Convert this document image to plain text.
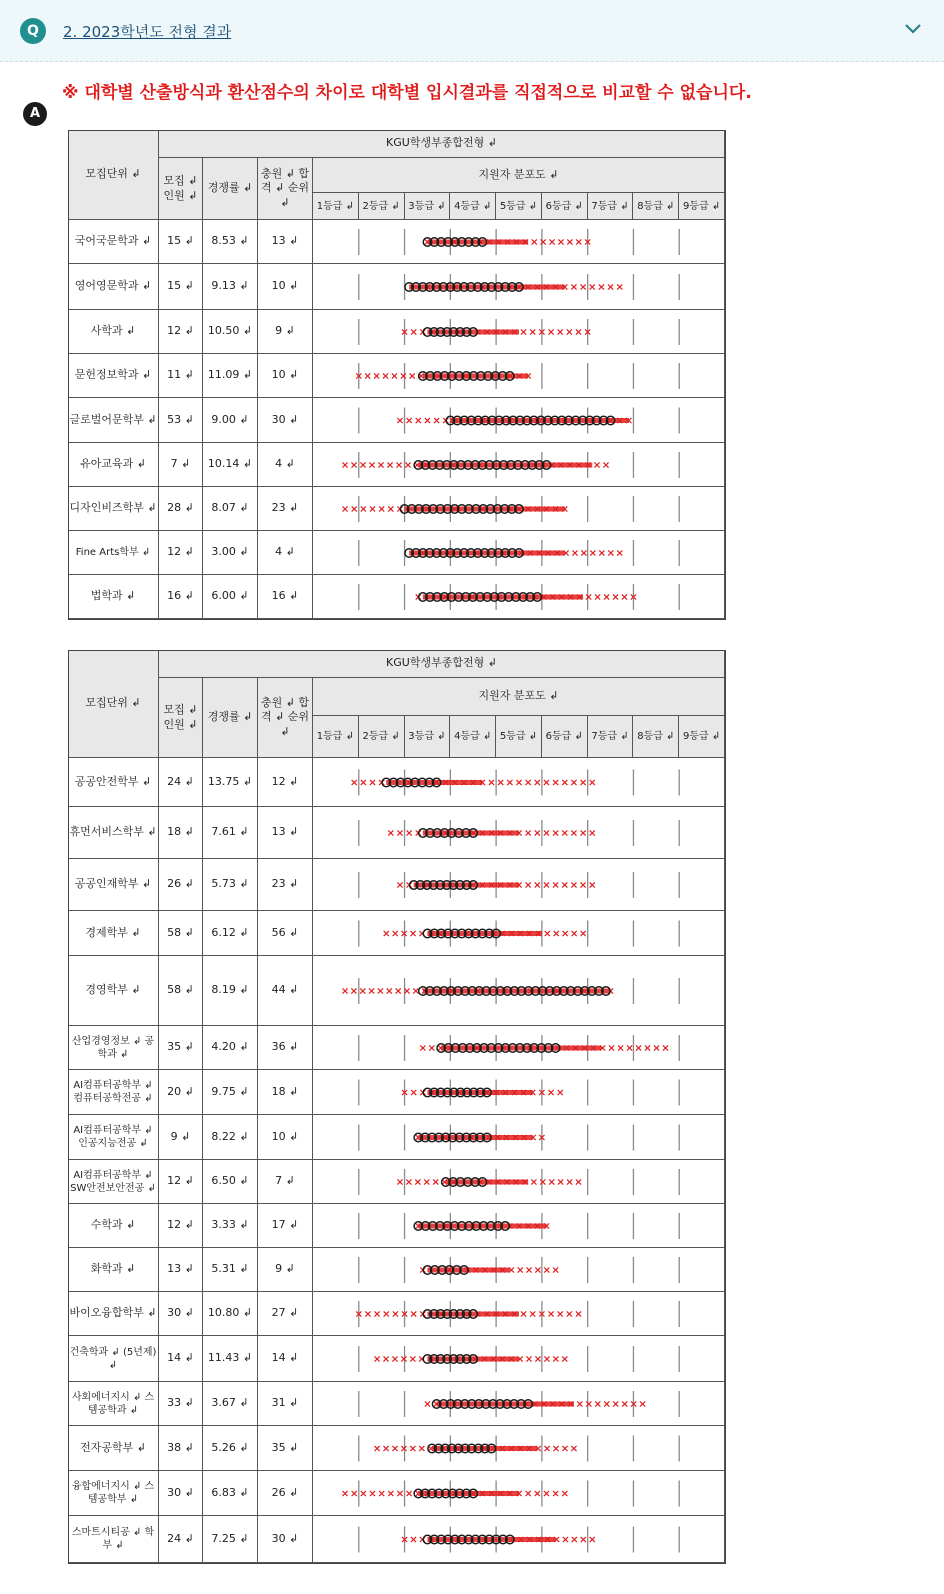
Q	2. 2023학년도 전형 결과
※ 대학별 산출방식과 환산점수의 차이로 대학별 입시결과를 직접적으로 비교할 수 없습니다.
A
모집단위 ↲
KGU학생부종합전형 ↲
모집 ↲ 인원 ↲
경쟁률 ↲
충원 ↲ 합격 ↲ 순위 ↲
지원자 분포도 ↲
1등급 ↲ 2등급 ↲ 3등급 ↲ 4등급 ↲ 5등급 ↲ 6등급 ↲ 7등급 ↲ 8등급 ↲ 9등급 ↲
국어국문학과 ↲	15 ↲	8.53 ↲	13 ↲
영어영문학과 ↲	15 ↲	9.13 ↲	10 ↲
사학과 ↲	12 ↲	10.50 ↲	9 ↲
문헌정보학과 ↲	11 ↲	11.09 ↲	10 ↲
글로벌어문학부 ↲ 53 ↲	9.00 ↲	30 ↲
유아교육과 ↲	7 ↲	10.14 ↲	4 ↲
디자인비즈학부 ↲ 28 ↲	8.07 ↲	23 ↲
Fine Arts학부 ↲	12 ↲	3.00 ↲	4 ↲
법학과 ↲	16 ↲	6.00 ↲	16 ↲
모집단위 ↲
KGU학생부종합전형 ↲
모집 ↲ 인원 ↲
경쟁률 ↲
충원 ↲ 합격 ↲ 순위 ↲
지원자 분포도 ↲
1등급 ↲ 2등급 ↲ 3등급 ↲ 4등급 ↲ 5등급 ↲ 6등급 ↲ 7등급 ↲ 8등급 ↲ 9등급 ↲
공공안전학부 ↲	24 ↲	13.75 ↲	12 ↲
휴먼서비스학부 ↲ 18 ↲	7.61 ↲	13 ↲
공공인재학부 ↲	26 ↲	5.73 ↲	23 ↲
경제학부 ↲	58 ↲	6.12 ↲	56 ↲
경영학부 ↲	58 ↲	8.19 ↲	44 ↲
산업경영정보 ↲ 공학과 ↲
35 ↲	4.20 ↲	36 ↲
AI컴퓨터공학부 ↲ 컴퓨터공학전공 ↲
20 ↲	9.75 ↲	18 ↲
AI컴퓨터공학부 ↲ 인공지능전공 ↲
9 ↲	8.22 ↲	10 ↲
AI컴퓨터공학부 ↲ SW안전보안전공 ↲
12 ↲	6.50 ↲	7 ↲
수학과 ↲	12 ↲	3.33 ↲	17 ↲
화학과 ↲	13 ↲	5.31 ↲	9 ↲
바이오융합학부 ↲ 30 ↲	10.80 ↲	27 ↲
건축학과 ↲ (5년제) ↲
14 ↲	11.43 ↲	14 ↲
사회에너지시 ↲ 스템공학과 ↲
33 ↲	3.67 ↲	31 ↲
전자공학부 ↲	38 ↲	5.26 ↲	35 ↲
융합에너지시 ↲ 스템공학부 ↲
30 ↲	6.83 ↲	26 ↲
스마트시티공 ↲ 학부 ↲
24 ↲	7.25 ↲	30 ↲
